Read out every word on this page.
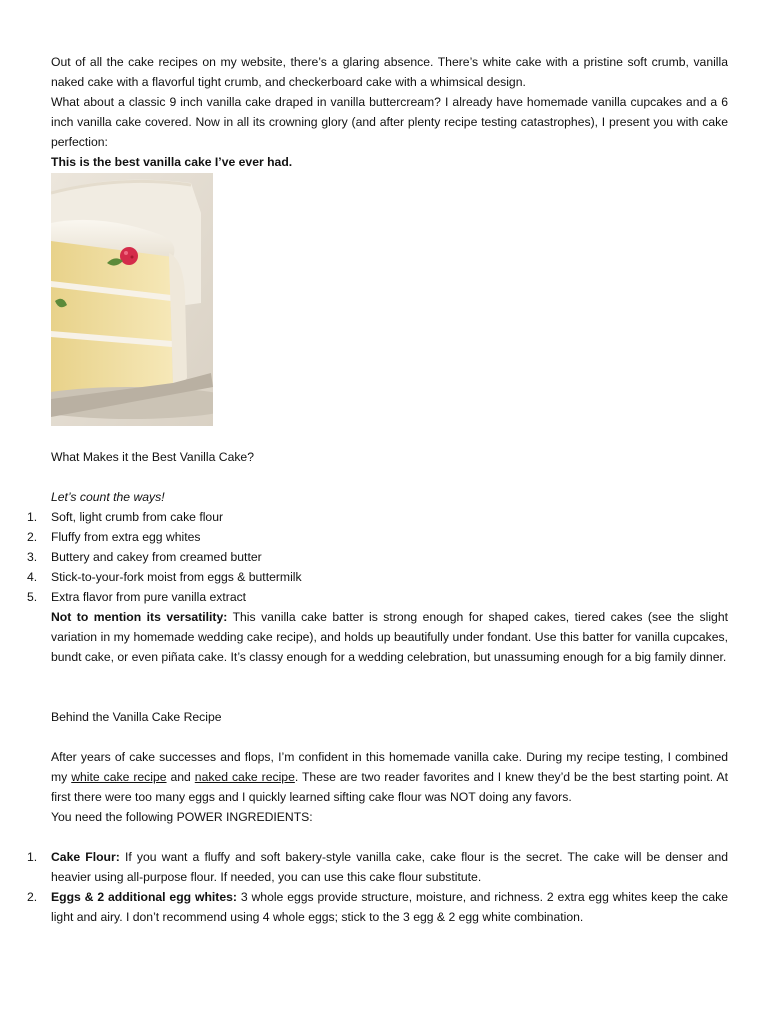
Out of all the cake recipes on my website, there’s a glaring absence. There’s white cake with a pristine soft crumb, vanilla naked cake with a flavorful tight crumb, and checkerboard cake with a whimsical design.

What about a classic 9 inch vanilla cake draped in vanilla buttercream? I already have homemade vanilla cupcakes and a 6 inch vanilla cake covered. Now in all its crowning glory (and after plenty recipe testing catastrophes), I present you with cake perfection:

This is the best vanilla cake I’ve ever had.

What Makes it the Best Vanilla Cake?

Let’s count the ways!

1. Soft, light crumb from cake flour
2. Fluffy from extra egg whites
3. Buttery and cakey from creamed butter
4. Stick-to-your-fork moist from eggs & buttermilk
5. Extra flavor from pure vanilla extract

Not to mention its versatility: This vanilla cake batter is strong enough for shaped cakes, tiered cakes (see the slight variation in my homemade wedding cake recipe), and holds up beautifully under fondant. Use this batter for vanilla cupcakes, bundt cake, or even piñata cake. It’s classy enough for a wedding celebration, but unassuming enough for a big family dinner.

Behind the Vanilla Cake Recipe

After years of cake successes and flops, I’m confident in this homemade vanilla cake. During my recipe testing, I combined my white cake recipe and naked cake recipe. These are two reader favorites and I knew they’d be the best starting point. At first there were too many eggs and I quickly learned sifting cake flour was NOT doing any favors.

You need the following POWER INGREDIENTS:

1. Cake Flour: If you want a fluffy and soft bakery-style vanilla cake, cake flour is the secret. The cake will be denser and heavier using all-purpose flour. If needed, you can use this cake flour substitute.
2. Eggs & 2 additional egg whites: 3 whole eggs provide structure, moisture, and richness. 2 extra egg whites keep the cake light and airy. I don’t recommend using 4 whole eggs; stick to the 3 egg & 2 egg white combination.
